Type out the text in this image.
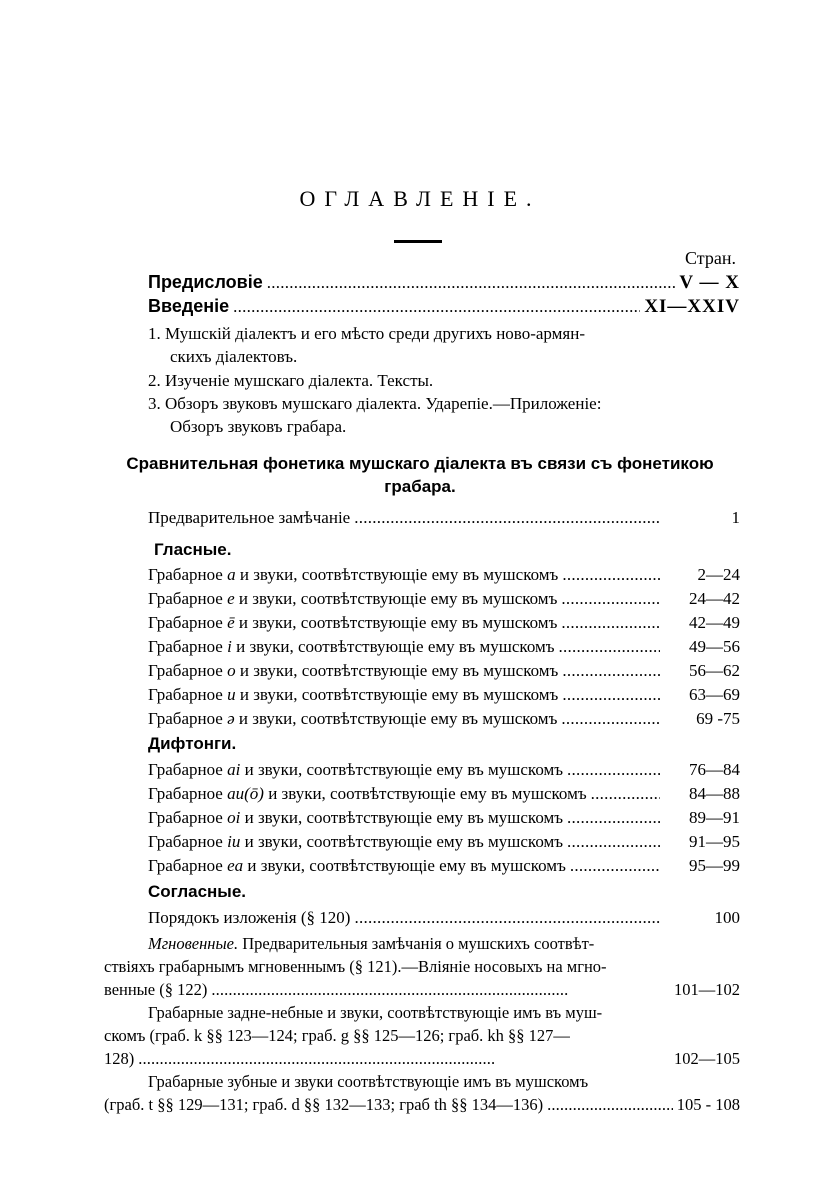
ОГЛАВЛЕНІЕ.
Стран.
Предисловіе . . .	V — X
Введеніе . . .	XI—XXIV
1. Мушскій діалектъ и его мѣсто среди другихъ ново-армян-
скихъ діалектовъ.
2. Изученіе мушскаго діалекта. Тексты.
3. Обзоръ звуковъ мушскаго діалекта. Ударепіе.—Приложеніе:
Обзоръ звуковъ грабара.
Сравнительная фонетика мушскаго діалекта въ связи съ фонетикою
грабара.
Предварительное замѣчаніе . . .	1
Гласные.
Грабарное a и звуки, соотвѣтствующіе ему въ мушскомъ . . .	2—24
Грабарное e и звуки, соотвѣтствующіе ему въ мушскомъ . . .	24—42
Грабарное ē и звуки, соотвѣтствующіе ему въ мушскомъ . . .	42—49
Грабарное i и звуки, соотвѣтствующіе ему въ мушскомъ . . .	49—56
Грабарное o и звуки, соотвѣтствующіе ему въ мушскомъ . . .	56—62
Грабарное u и звуки, соотвѣтствующіе ему въ мушскомъ . . .	63—69
Грабарное ə и звуки, соотвѣтствующіе ему въ мушскомъ . . .	69 -75
Дифтонги.
Грабарное ai и звуки, соотвѣтствующіе ему въ мушскомъ . . .	76—84
Грабарное au(ō) и звуки, соотвѣтствующіе ему въ мушскомъ . . .	84—88
Грабарное oi и звуки, соотвѣтствующіе ему въ мушскомъ . . .	89—91
Грабарное iu и звуки, соотвѣтствующіе ему въ мушскомъ . . .	91—95
Грабарное ea и звуки, соотвѣтствующіе ему въ мушскомъ . . .	95—99
Согласные.
Порядокъ изложенія (§ 120) . . .	100
Мгновенные. Предварительныя замѣчанія о мушскихъ соотвѣт-
ствіяхъ грабарнымъ мгновеннымъ (§ 121).—Вліяніе носовыхъ на мгно-
венные (§ 122) . . .	101—102
Грабарные задне-небные и звуки, соотвѣтствующіе имъ въ муш-
скомъ (граб. k §§ 123—124; граб. g §§ 125—126; граб. kh §§ 127—
128) . . .	102—105
Грабарные зубные и звуки соотвѣтствующіе имъ въ мушскомъ
(граб. t §§ 129—131; граб. d §§ 132—133; граб th §§ 134—136) . . .	105 - 108
